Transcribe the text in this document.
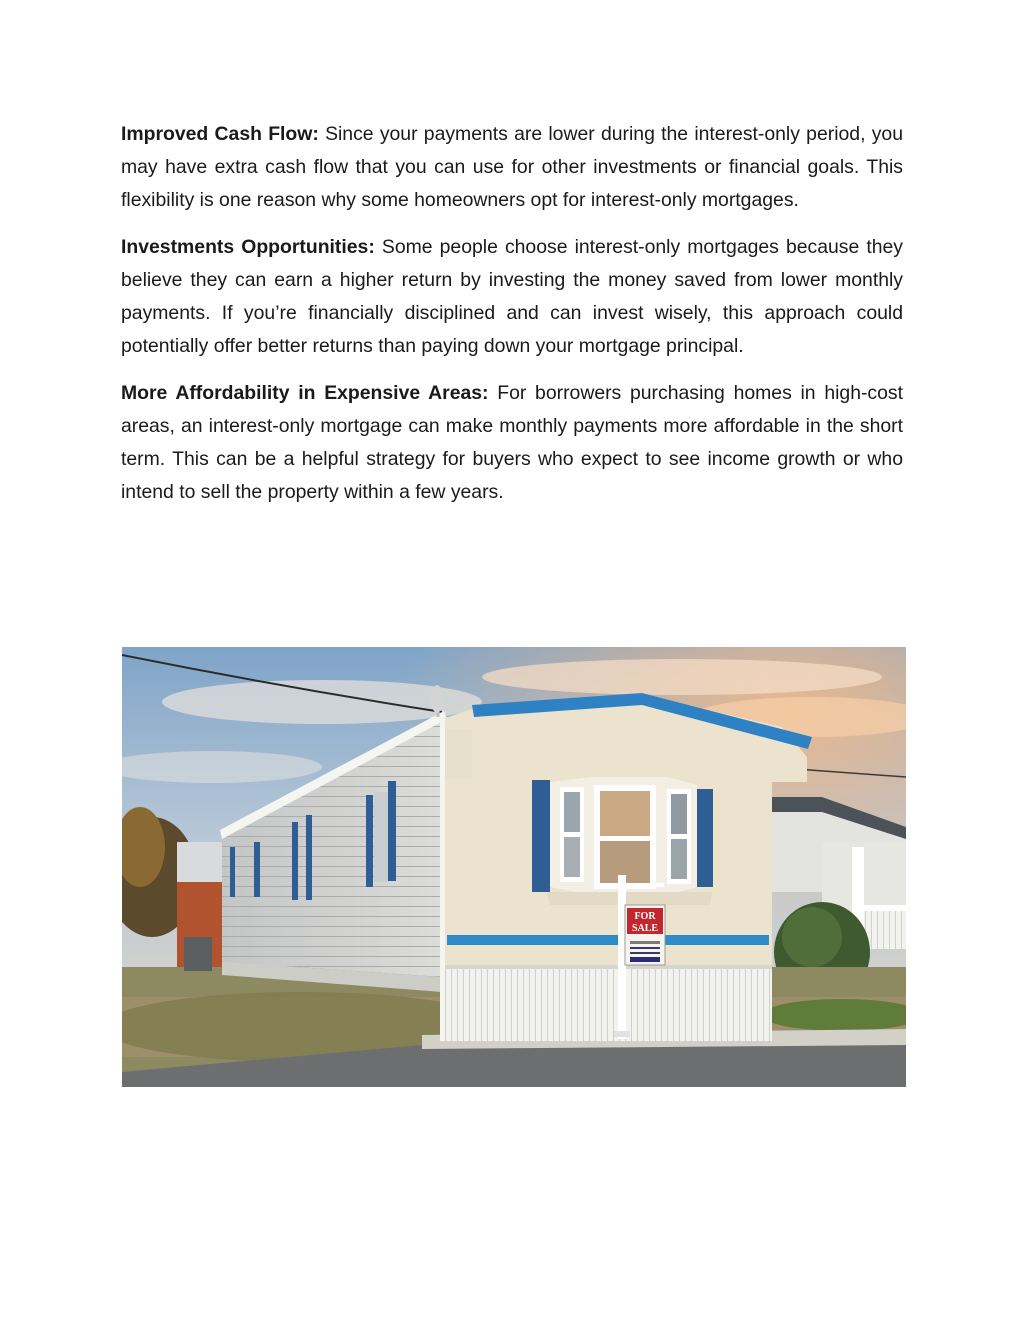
Improved Cash Flow: Since your payments are lower during the interest-only period, you may have extra cash flow that you can use for other investments or financial goals. This flexibility is one reason why some homeowners opt for interest-only mortgages.

Investments Opportunities: Some people choose interest-only mortgages because they believe they can earn a higher return by investing the money saved from lower monthly payments. If you’re financially disciplined and can invest wisely, this approach could potentially offer better returns than paying down your mortgage principal.

More Affordability in Expensive Areas: For borrowers purchasing homes in high-cost areas, an interest-only mortgage can make monthly payments more affordable in the short term. This can be a helpful strategy for buyers who expect to see income growth or who intend to sell the property within a few years.

FOR
SALE
